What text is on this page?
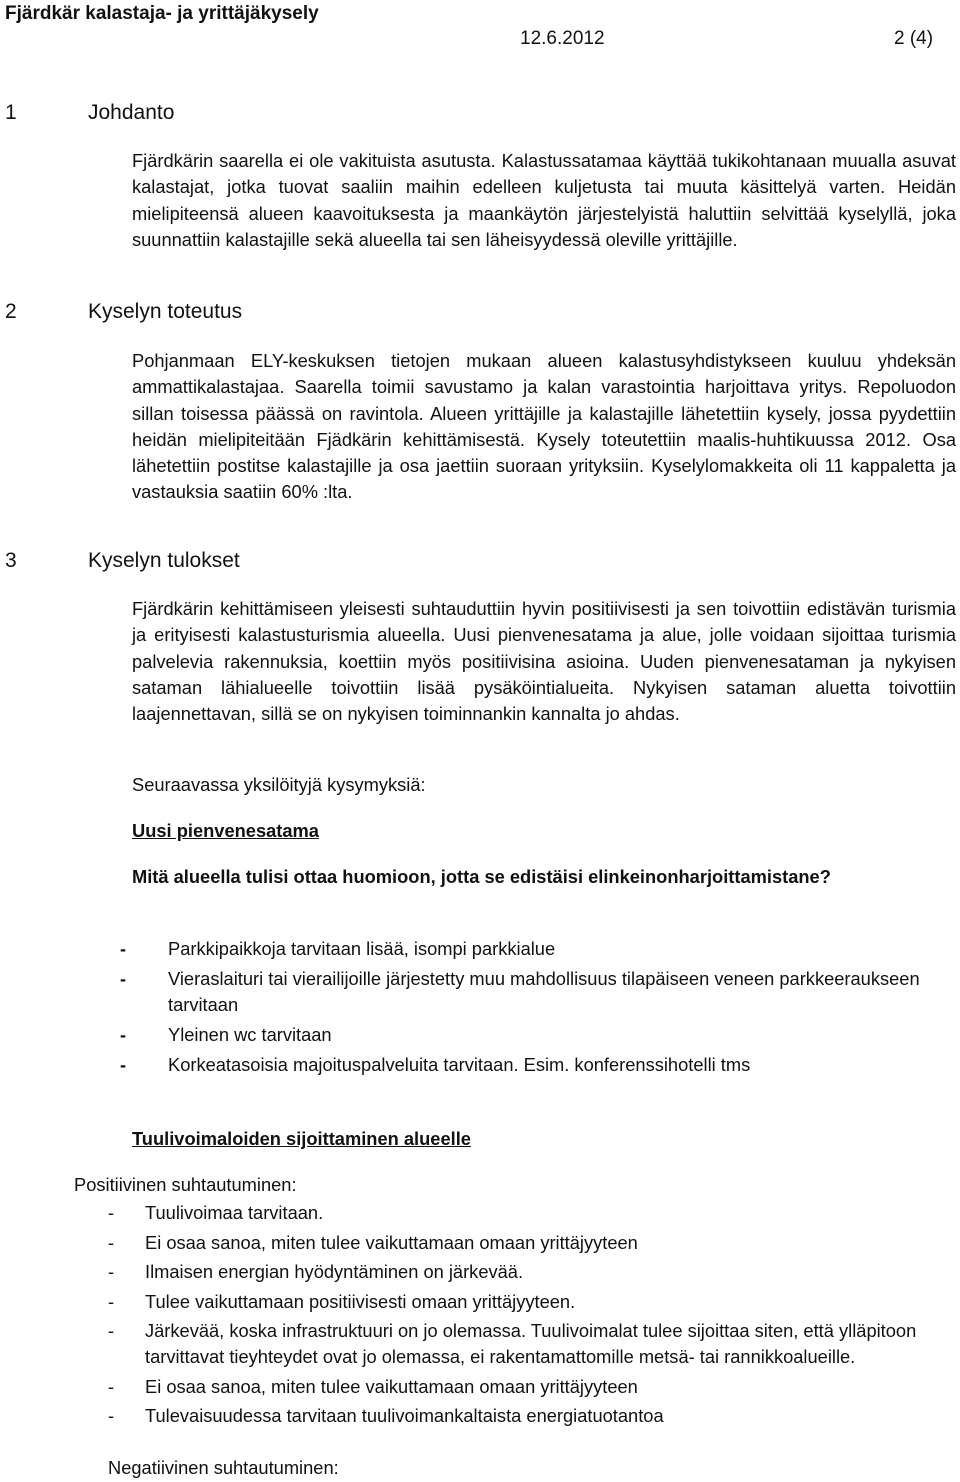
Fjärdkär kalastaja- ja yrittäjäkysely
12.6.2012	2 (4)
1	Johdanto

Fjärdkärin saarella ei ole vakituista asutusta. Kalastussatamaa käyttää tukikohtanaan muualla asuvat kalastajat, jotka tuovat saaliin maihin edelleen kuljetusta tai muuta käsittelyä varten. Heidän mielipiteensä alueen kaavoituksesta ja maankäytön järjestelyistä haluttiin selvittää kyselyllä, joka suunnattiin kalastajille sekä alueella tai sen läheisyydessä oleville yrittäjille.

2	Kyselyn toteutus

Pohjanmaan ELY-keskuksen tietojen mukaan alueen kalastusyhdistykseen kuuluu yhdeksän ammattikalastajaa. Saarella toimii savustamo ja kalan varastointia harjoittava yritys. Repoluodon sillan toisessa päässä on ravintola. Alueen yrittäjille ja kalastajille lähetettiin kysely, jossa pyydettiin heidän mielipiteitään Fjädkärin kehittämisestä. Kysely toteutettiin maalis-huhtikuussa 2012. Osa lähetettiin postitse kalastajille ja osa jaettiin suoraan yrityksiin. Kyselylomakkeita oli 11 kappaletta ja vastauksia saatiin 60% :lta.

3	Kyselyn tulokset

Fjärdkärin kehittämiseen yleisesti suhtauduttiin hyvin positiivisesti ja sen toivottiin edistävän turismia ja erityisesti kalastusturismia alueella. Uusi pienvenesatama ja alue, jolle voidaan sijoittaa turismia palvelevia rakennuksia, koettiin myös positiivisina asioina. Uuden pienvenesataman ja nykyisen sataman lähialueelle toivottiin lisää pysäköintialueita. Nykyisen sataman aluetta toivottiin laajennettavan, sillä se on nykyisen toiminnankin kannalta jo ahdas.

Seuraavassa yksilöityjä kysymyksiä:
Uusi pienvenesatama
Mitä alueella tulisi ottaa huomioon, jotta se edistäisi elinkeinonharjoittamistane?
- Parkkipaikkoja tarvitaan lisää, isompi parkkialue
- Vieraslaituri tai vierailijoille järjestetty muu mahdollisuus tilapäiseen veneen parkkeeraukseen tarvitaan
- Yleinen wc tarvitaan
- Korkeatasoisia majoituspalveluita tarvitaan. Esim. konferenssihotelli tms
Tuulivoimaloiden sijoittaminen alueelle
Positiivinen suhtautuminen:
- Tuulivoimaa tarvitaan.
- Ei osaa sanoa, miten tulee vaikuttamaan omaan yrittäjyyteen
- Ilmaisen energian hyödyntäminen on järkevää.
- Tulee vaikuttamaan positiivisesti omaan yrittäjyyteen.
- Järkevää, koska infrastruktuuri on jo olemassa. Tuulivoimalat tulee sijoittaa siten, että ylläpitoon tarvittavat tieyhteydet ovat jo olemassa, ei rakentamattomille metsä- tai rannikkoalueille.
- Ei osaa sanoa, miten tulee vaikuttamaan omaan yrittäjyyteen
- Tulevaisuudessa tarvitaan tuulivoimankaltaista energiatuotantoa
Negatiivinen suhtautuminen:
